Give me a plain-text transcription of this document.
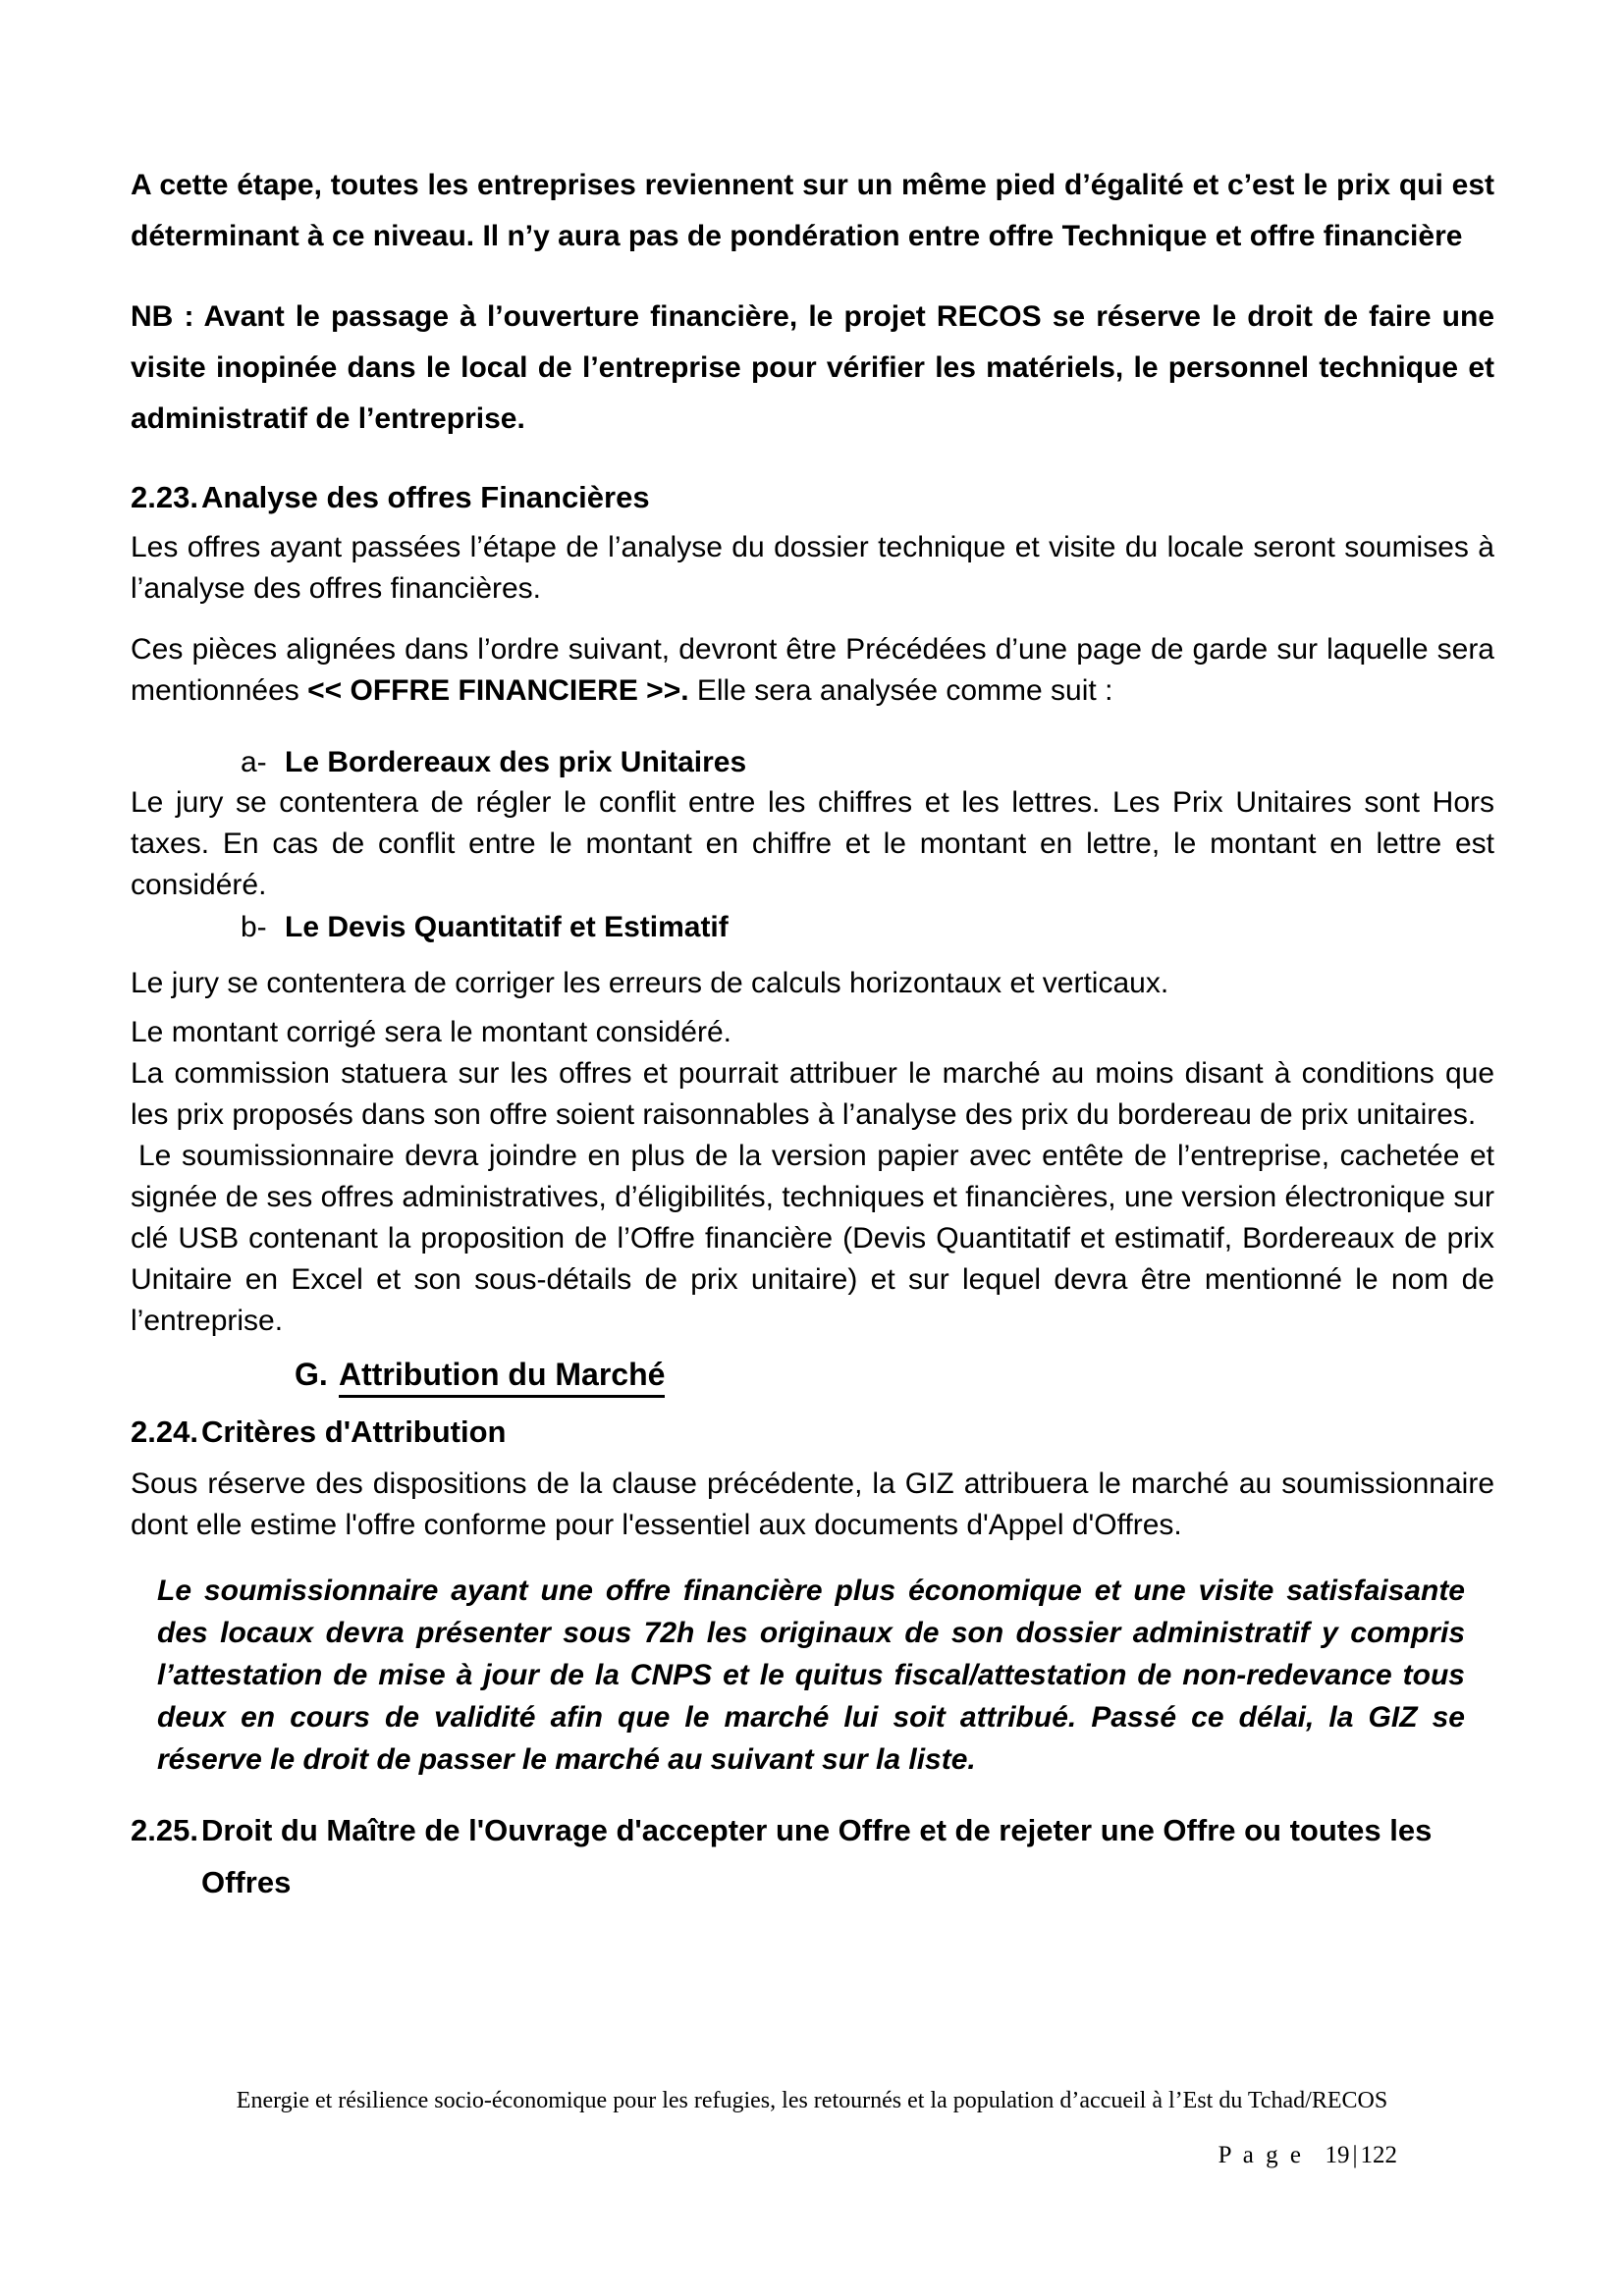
A cette étape, toutes les entreprises reviennent sur un même pied d’égalité et c’est le prix qui est déterminant à ce niveau. Il n’y aura pas de pondération entre offre Technique et offre financière

NB : Avant le passage à l’ouverture financière, le projet RECOS se réserve le droit de faire une visite inopinée dans le local de l’entreprise pour vérifier les matériels, le personnel technique et administratif de l’entreprise.

2.23.Analyse des offres Financières

Les offres ayant passées l’étape de l’analyse du dossier technique et visite du locale seront soumises à l’analyse des offres financières.

Ces pièces alignées dans l’ordre suivant, devront être Précédées d’une page de garde sur laquelle sera mentionnées << OFFRE FINANCIERE >>. Elle sera analysée comme suit :

a- Le Bordereaux des prix Unitaires

Le jury se contentera de régler le conflit entre les chiffres et les lettres. Les Prix Unitaires sont Hors taxes. En cas de conflit entre le montant en chiffre et le montant en lettre, le montant en lettre est considéré.

b- Le Devis Quantitatif et Estimatif

Le jury se contentera de corriger les erreurs de calculs horizontaux et verticaux.

Le montant corrigé sera le montant considéré.

La commission statuera sur les offres et pourrait attribuer le marché au moins disant à conditions que les prix proposés dans son offre soient raisonnables à l’analyse des prix du bordereau de prix unitaires.

Le soumissionnaire devra joindre en plus de la version papier avec entête de l’entreprise, cachetée et signée de ses offres administratives, d’éligibilités, techniques et financières, une version électronique sur clé USB contenant la proposition de l’Offre financière (Devis Quantitatif et estimatif, Bordereaux de prix Unitaire en Excel et son sous-détails de prix unitaire) et sur lequel devra être mentionné le nom de l’entreprise.

G. Attribution du Marché
2.24.Critères d'Attribution

Sous réserve des dispositions de la clause précédente, la GIZ attribuera le marché au soumissionnaire dont elle estime l'offre conforme pour l'essentiel aux documents d'Appel d'Offres.

Le soumissionnaire ayant une offre financière plus économique et une visite satisfaisante des locaux devra présenter sous 72h les originaux de son dossier administratif y compris l’attestation de mise à jour de la CNPS et le quitus fiscal/attestation de non-redevance tous deux en cours de validité afin que le marché lui soit attribué. Passé ce délai, la GIZ se réserve le droit de passer le marché au suivant sur la liste.

2.25.Droit du Maître de l'Ouvrage d'accepter une Offre et de rejeter une Offre ou toutes les Offres
Energie et résilience socio-économique pour les refugies, les retournés et la population d’accueil à l’Est du Tchad/RECOS
P a g e 19 | 122
